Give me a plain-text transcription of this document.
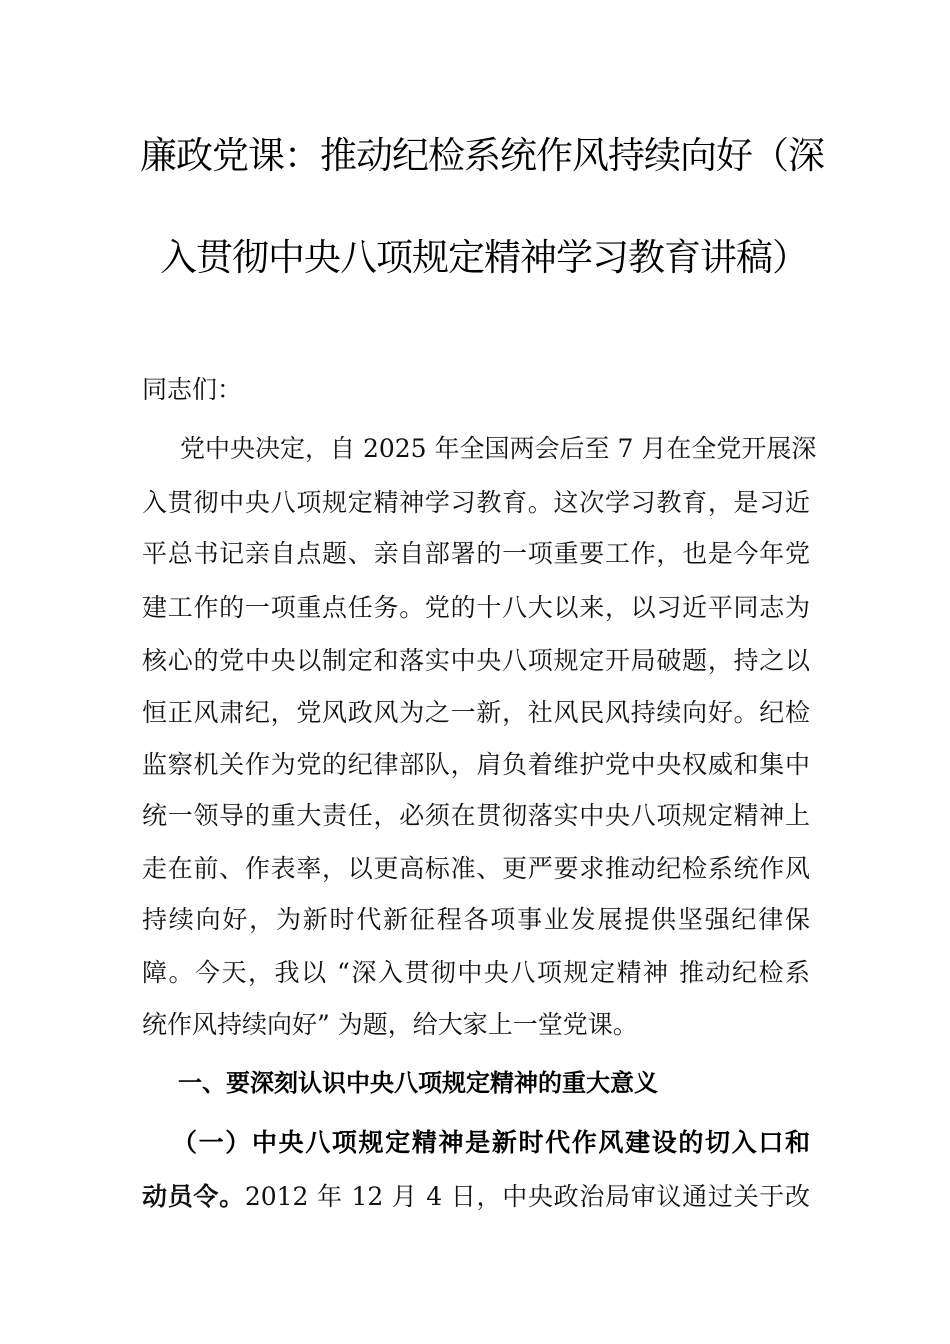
廉政党课：推动纪检系统作风持续向好（深
入贯彻中央八项规定精神学习教育讲稿）
同志们：
党中央决定，自 2025 年全国两会后至 7 月在全党开展深
入贯彻中央八项规定精神学习教育。这次学习教育，是习近
平总书记亲自点题、亲自部署的一项重要工作，也是今年党
建工作的一项重点任务。党的十八大以来，以习近平同志为
核心的党中央以制定和落实中央八项规定开局破题，持之以
恒正风肃纪，党风政风为之一新，社风民风持续向好。纪检
监察机关作为党的纪律部队，肩负着维护党中央权威和集中
统一领导的重大责任，必须在贯彻落实中央八项规定精神上
走在前、作表率，以更高标准、更严要求推动纪检系统作风
持续向好，为新时代新征程各项事业发展提供坚强纪律保
障。今天，我以 “深入贯彻中央八项规定精神 推动纪检系
统作风持续向好” 为题，给大家上一堂党课。
一、要深刻认识中央八项规定精神的重大意义
（一）中央八项规定精神是新时代作风建设的切入口和
动员令。2012 年 12 月 4 日，中央政治局审议通过关于改
